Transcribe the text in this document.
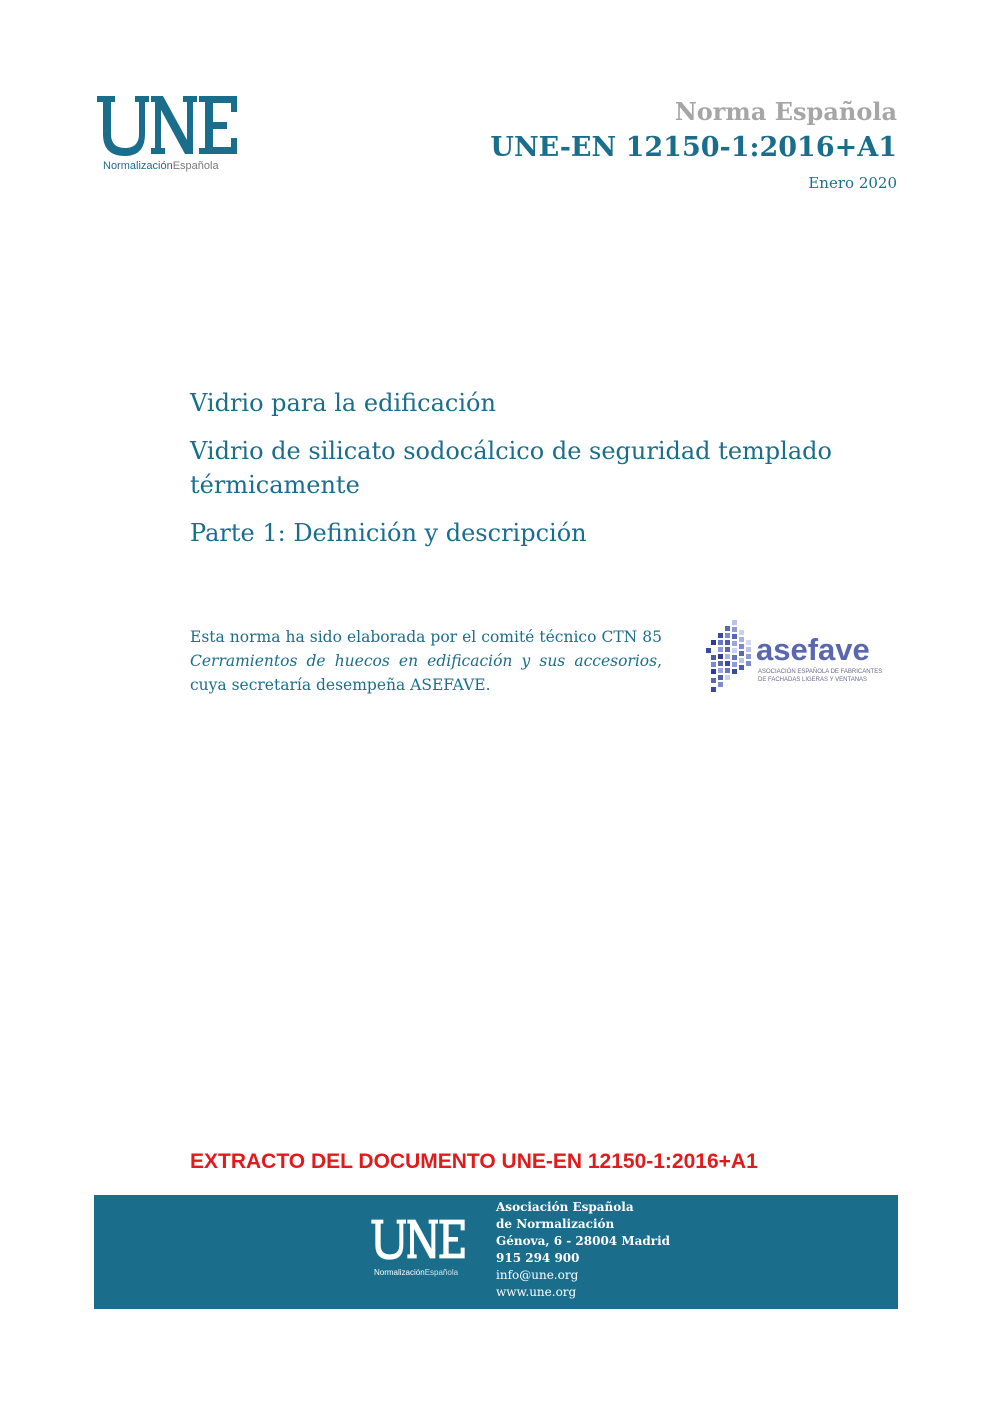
NormalizaciónEspañola
Norma Española
UNE-EN 12150-1:2016+A1
Enero 2020

Vidrio para la edificación

Vidrio de silicato sodocálcico de seguridad templado térmicamente

Parte 1: Definición y descripción

Esta norma ha sido elaborada por el comité técnico CTN 85 Cerramientos de huecos en edificación y sus accesorios, cuya secretaría desempeña ASEFAVE.
asefave
ASOCIACIÓN ESPAÑOLA DE FABRICANTES
DE FACHADAS LIGERAS Y VENTANAS
EXTRACTO DEL DOCUMENTO UNE-EN 12150-1:2016+A1
NormalizaciónEspañola
Asociación Española
de Normalización
Génova, 6 - 28004 Madrid
915 294 900
info@une.org
www.une.org
